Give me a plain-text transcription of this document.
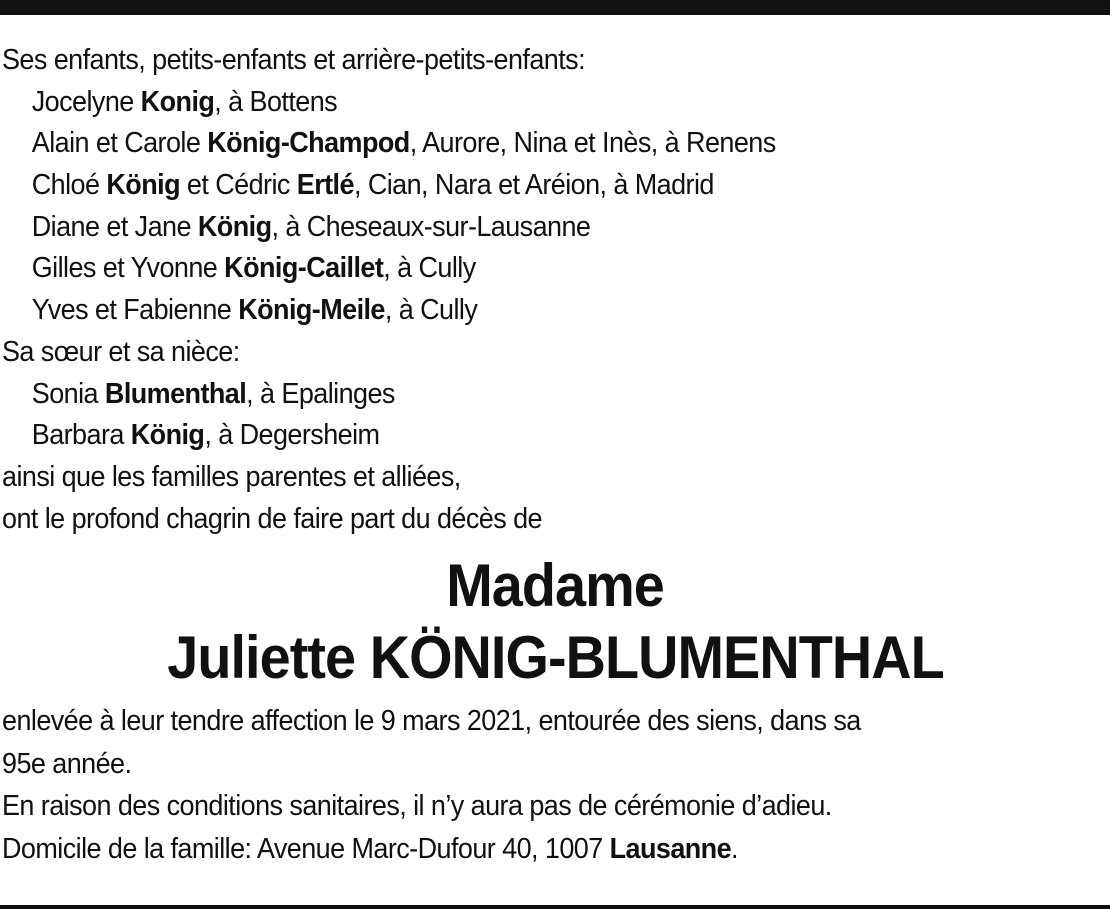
Ses enfants, petits-enfants et arrière-petits-enfants:
Jocelyne Konig, à Bottens
Alain et Carole König-Champod, Aurore, Nina et Inès, à Renens
Chloé König et Cédric Ertlé, Cian, Nara et Aréion, à Madrid
Diane et Jane König, à Cheseaux-sur-Lausanne
Gilles et Yvonne König-Caillet, à Cully
Yves et Fabienne König-Meile, à Cully
Sa sœur et sa nièce:
Sonia Blumenthal, à Epalinges
Barbara König, à Degersheim
ainsi que les familles parentes et alliées,
ont le profond chagrin de faire part du décès de
Madame
Juliette KÖNIG-BLUMENTHAL
enlevée à leur tendre affection le 9 mars 2021, entourée des siens, dans sa
95e année.
En raison des conditions sanitaires, il n’y aura pas de cérémonie d’adieu.
Domicile de la famille: Avenue Marc-Dufour 40, 1007 Lausanne.
